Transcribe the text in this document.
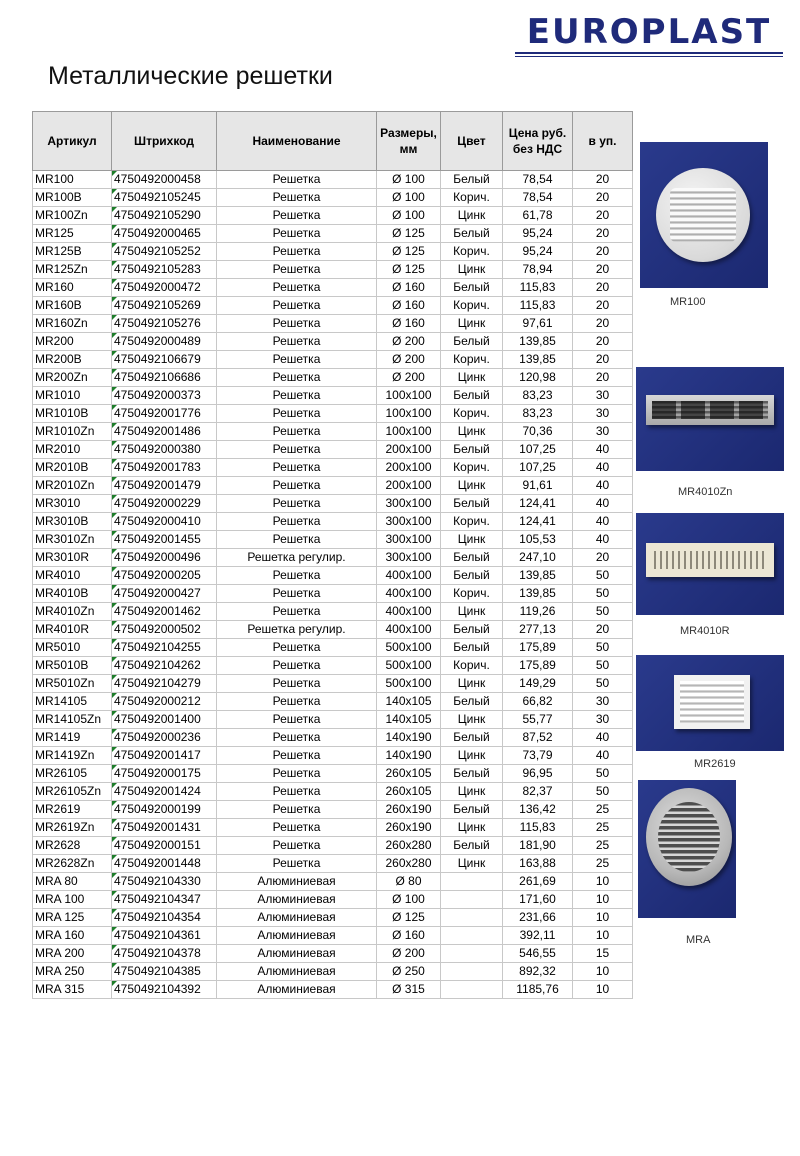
EUROPLAST
Металлические решетки
Артикул	Штрихкод	Наименование	Размеры, мм	Цвет	Цена руб. без НДС	в уп.
MR100	4750492000458	Решетка	Ø 100	Белый	78,54	20
MR100B	4750492105245	Решетка	Ø 100	Корич.	78,54	20
MR100Zn	4750492105290	Решетка	Ø 100	Цинк	61,78	20
MR125	4750492000465	Решетка	Ø 125	Белый	95,24	20
MR125B	4750492105252	Решетка	Ø 125	Корич.	95,24	20
MR125Zn	4750492105283	Решетка	Ø 125	Цинк	78,94	20
MR160	4750492000472	Решетка	Ø 160	Белый	115,83	20
MR160B	4750492105269	Решетка	Ø 160	Корич.	115,83	20
MR160Zn	4750492105276	Решетка	Ø 160	Цинк	97,61	20
MR200	4750492000489	Решетка	Ø 200	Белый	139,85	20
MR200B	4750492106679	Решетка	Ø 200	Корич.	139,85	20
MR200Zn	4750492106686	Решетка	Ø 200	Цинк	120,98	20
MR1010	4750492000373	Решетка	100x100	Белый	83,23	30
MR1010B	4750492001776	Решетка	100x100	Корич.	83,23	30
MR1010Zn	4750492001486	Решетка	100x100	Цинк	70,36	30
MR2010	4750492000380	Решетка	200x100	Белый	107,25	40
MR2010B	4750492001783	Решетка	200x100	Корич.	107,25	40
MR2010Zn	4750492001479	Решетка	200x100	Цинк	91,61	40
MR3010	4750492000229	Решетка	300x100	Белый	124,41	40
MR3010B	4750492000410	Решетка	300x100	Корич.	124,41	40
MR3010Zn	4750492001455	Решетка	300x100	Цинк	105,53	40
MR3010R	4750492000496	Решетка регулир.	300x100	Белый	247,10	20
MR4010	4750492000205	Решетка	400x100	Белый	139,85	50
MR4010B	4750492000427	Решетка	400x100	Корич.	139,85	50
MR4010Zn	4750492001462	Решетка	400x100	Цинк	119,26	50
MR4010R	4750492000502	Решетка регулир.	400x100	Белый	277,13	20
MR5010	4750492104255	Решетка	500x100	Белый	175,89	50
MR5010B	4750492104262	Решетка	500x100	Корич.	175,89	50
MR5010Zn	4750492104279	Решетка	500x100	Цинк	149,29	50
MR14105	4750492000212	Решетка	140x105	Белый	66,82	30
MR14105Zn	4750492001400	Решетка	140x105	Цинк	55,77	30
MR1419	4750492000236	Решетка	140x190	Белый	87,52	40
MR1419Zn	4750492001417	Решетка	140x190	Цинк	73,79	40
MR26105	4750492000175	Решетка	260x105	Белый	96,95	50
MR26105Zn	4750492001424	Решетка	260x105	Цинк	82,37	50
MR2619	4750492000199	Решетка	260x190	Белый	136,42	25
MR2619Zn	4750492001431	Решетка	260x190	Цинк	115,83	25
MR2628	4750492000151	Решетка	260x280	Белый	181,90	25
MR2628Zn	4750492001448	Решетка	260x280	Цинк	163,88	25
MRA 80	4750492104330	Алюминиевая	Ø 80		261,69	10
MRA 100	4750492104347	Алюминиевая	Ø 100		171,60	10
MRA 125	4750492104354	Алюминиевая	Ø 125		231,66	10
MRA 160	4750492104361	Алюминиевая	Ø 160		392,11	10
MRA 200	4750492104378	Алюминиевая	Ø 200		546,55	15
MRA 250	4750492104385	Алюминиевая	Ø 250		892,32	10
MRA 315	4750492104392	Алюминиевая	Ø 315		1185,76	10
MR100
MR4010Zn
MR4010R
MR2619
MRA
